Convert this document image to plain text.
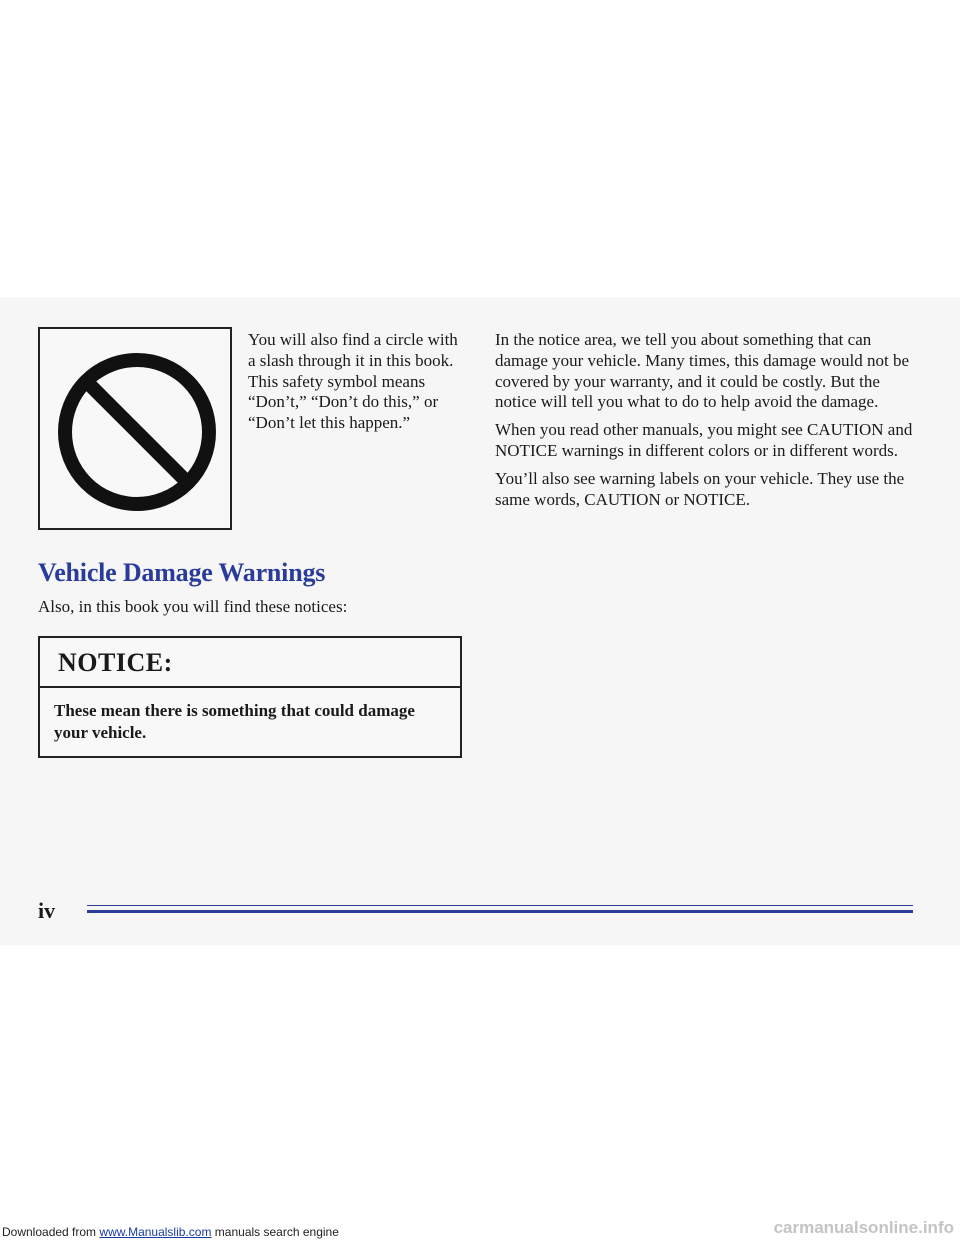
You will also find a circle with a slash through it in this book. This safety symbol means “Don’t,” “Don’t do this,” or “Don’t let this happen.”
Vehicle Damage Warnings
Also, in this book you will find these notices:
NOTICE:
These mean there is something that could damage your vehicle.

In the notice area, we tell you about something that can damage your vehicle. Many times, this damage would not be covered by your warranty, and it could be costly. But the notice will tell you what to do to help avoid the damage.

When you read other manuals, you might see CAUTION and NOTICE warnings in different colors or in different words.

You’ll also see warning labels on your vehicle. They use the same words, CAUTION or NOTICE.

iv
Downloaded from www.Manualslib.com manuals search engine	carmanualsonline.info
